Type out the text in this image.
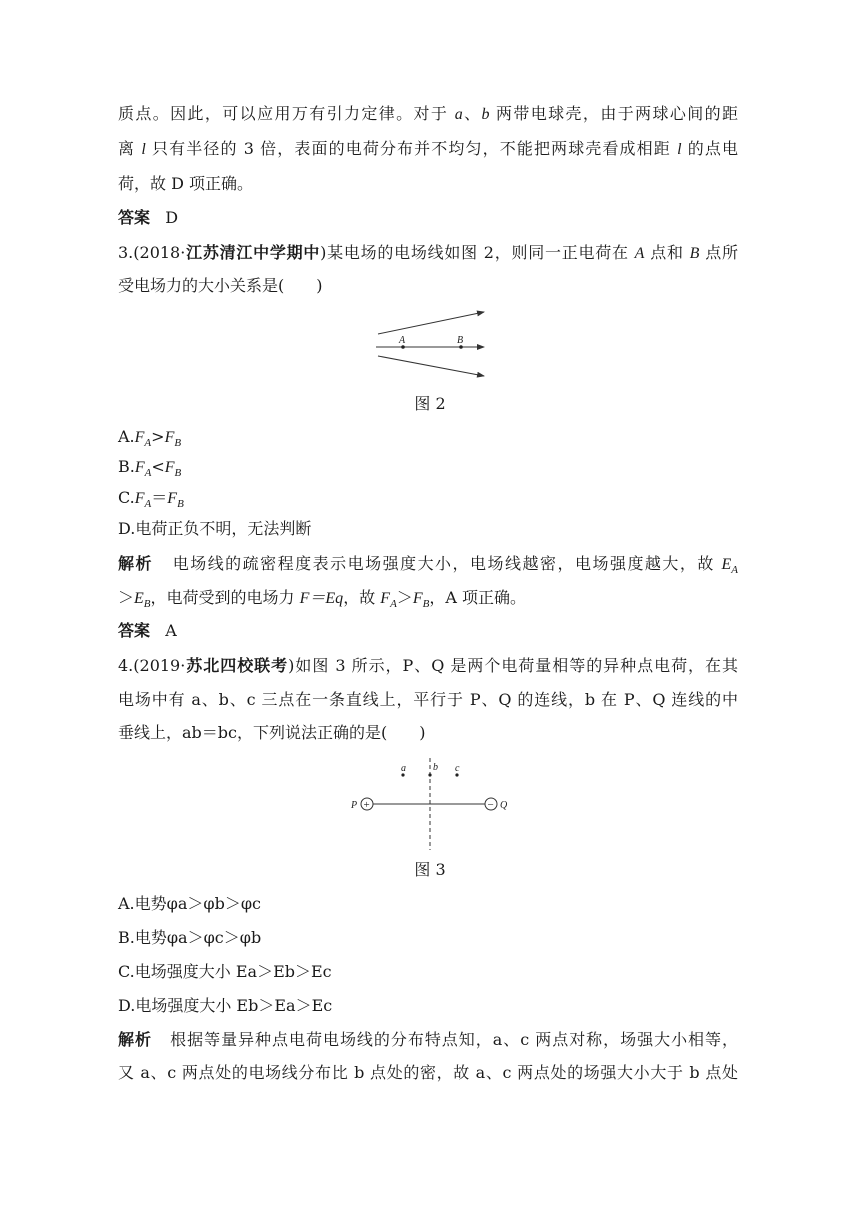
质点。因此，可以应用万有引力定律。对于 a、b 两带电球壳，由于两球心间的距
离 l 只有半径的 3 倍，表面的电荷分布并不均匀，不能把两球壳看成相距 l 的点电
荷，故 D 项正确。
答案 D
3.(2018·江苏清江中学期中)某电场的电场线如图 2，则同一正电荷在 A 点和 B 点所
受电场力的大小关系是(　　)
A	B
图 2
$A.F_A>F_B$
$B.F_A<F_B$
$C.F_A=F_B$
D.电荷正负不明，无法判断
解析 电场线的疏密程度表示电场强度大小，电场线越密，电场强度越大，故 $E_A$
$>E_B$，电荷受到的电场力 F＝Eq，故 $F_A>F_B$，A 项正确。
答案 A
4.(2019·苏北四校联考)如图 3 所示，P、Q 是两个电荷量相等的异种点电荷，在其
电场中有 a、b、c 三点在一条直线上，平行于 P、Q 的连线，b 在 P、Q 连线的中
垂线上，ab＝bc，下列说法正确的是(　　)
+	−
P	Q
a	b c
图 3
A.电势φa＞φb＞φc
B.电势φa＞φc＞φb
C.电场强度大小 Ea＞Eb＞Ec
D.电场强度大小 Eb＞Ea＞Ec
解析 根据等量异种点电荷电场线的分布特点知，a、c 两点对称，场强大小相等，
又 a、c 两点处的电场线分布比 b 点处的密，故 a、c 两点处的场强大小大于 b 点处
